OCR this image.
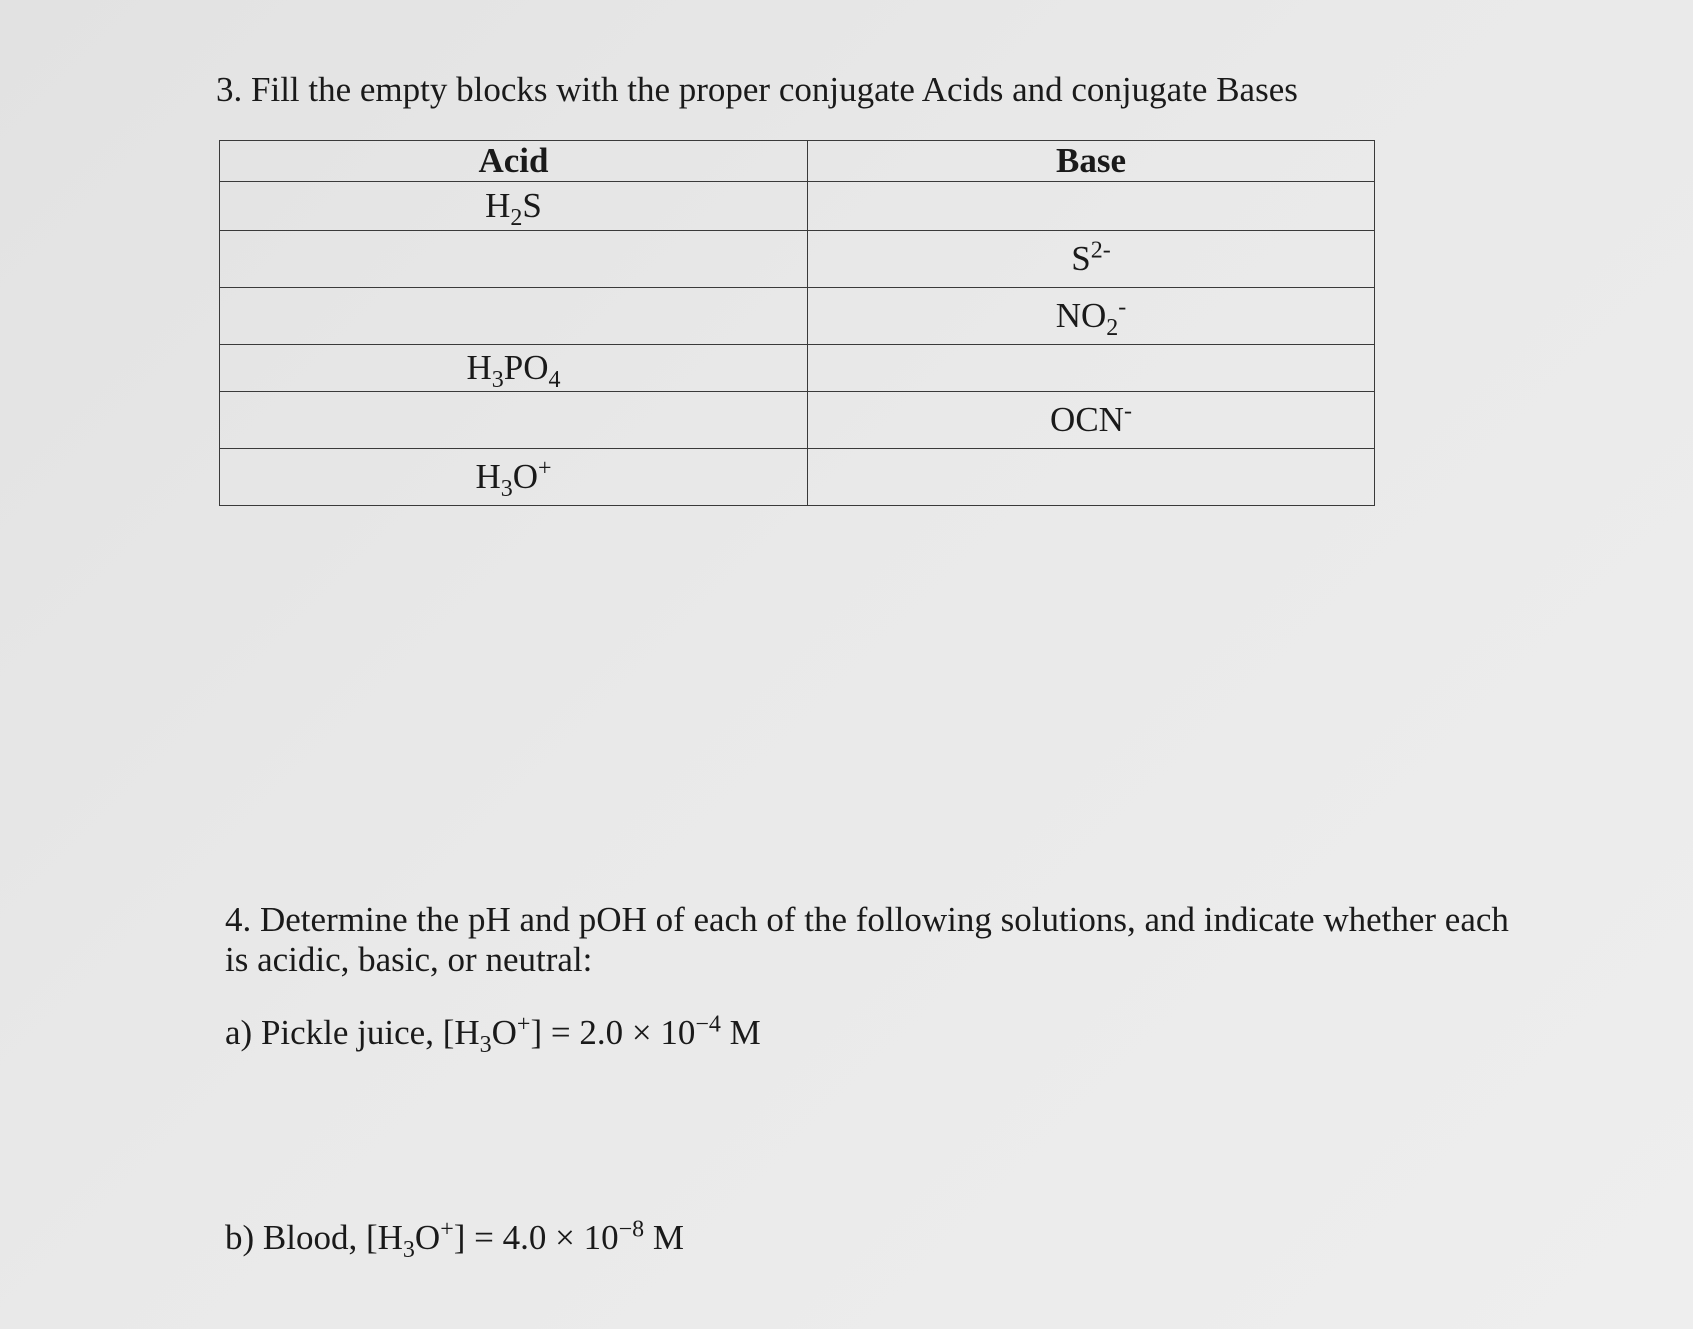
3. Fill the empty blocks with the proper conjugate Acids and conjugate Bases
Acid	Base
$H_2S$	
	$S^{2-}$
	$NO_2^-$
$H_3PO_4$	
	OCN-
$H_3O^+$	

4. Determine the pH and pOH of each of the following solutions, and indicate whether each is acidic, basic, or neutral:

a) Pickle juice, $[H_3O^+] = 2.0 \times 10^{-4}$ M
b) Blood, $[H_3O^+] = 4.0 \times 10^{-8}$ M
